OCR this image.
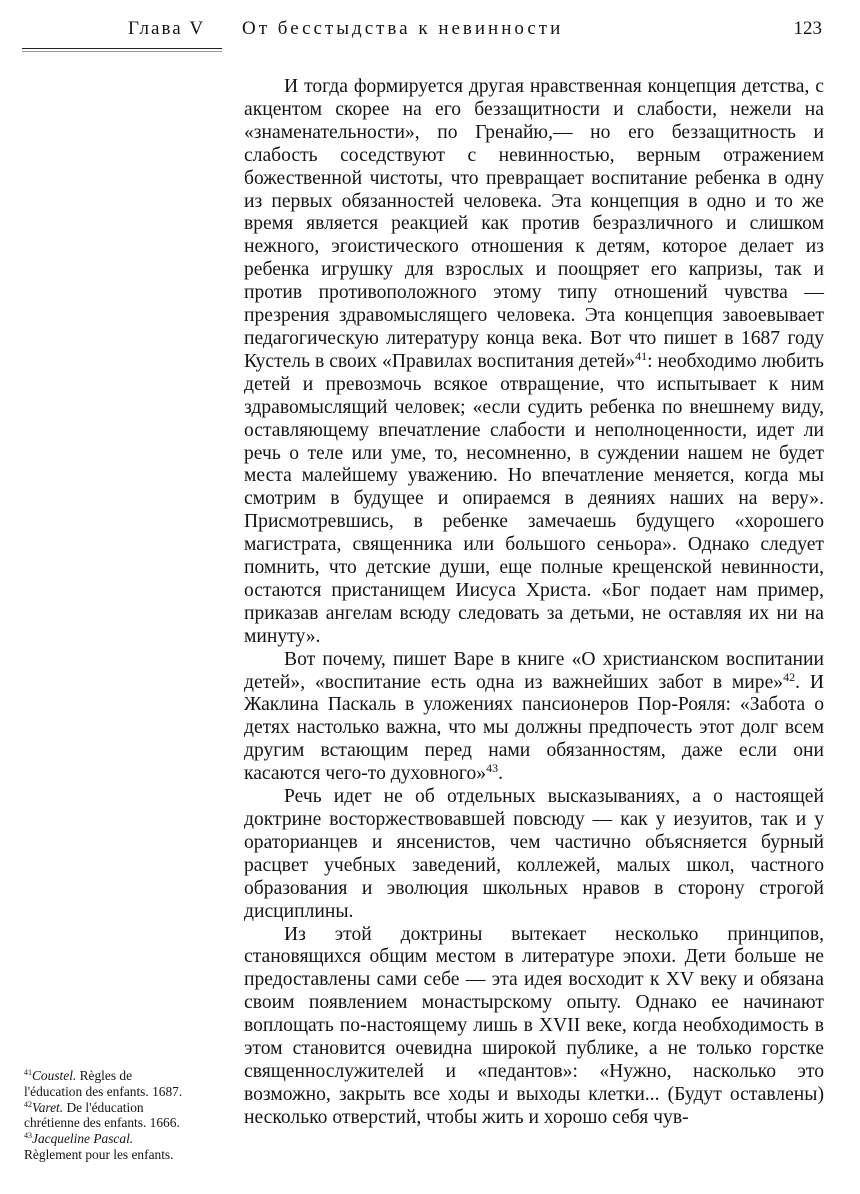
Глава V От бесстыдства к невинности	123

И тогда формируется другая нравственная концепция детства, с акцентом скорее на его беззащитности и слабости, нежели на «знаменательности», по Гренайю,— но его беззащитность и слабость соседствуют с невинностью, верным отражением божественной чистоты, что превращает воспитание ребенка в одну из первых обязанностей человека. Эта концепция в одно и то же время является реакцией как против безразличного и слишком нежного, эгоистического отношения к детям, которое делает из ребенка игрушку для взрослых и поощряет его капризы, так и против противоположного этому типу отношений чувства — презрения здравомыслящего человека. Эта концепция завоевывает педагогическую литературу конца века. Вот что пишет в 1687 году Кустель в своих «Правилах воспитания детей»$^{41}$: необходимо любить детей и превозмочь всякое отвращение, что испытывает к ним здравомыслящий человек; «если судить ребенка по внешнему виду, оставляющему впечатление слабости и неполноценности, идет ли речь о теле или уме, то, несомненно, в суждении нашем не будет места малейшему уважению. Но впечатление меняется, когда мы смотрим в будущее и опираемся в деяниях наших на веру». Присмотревшись, в ребенке замечаешь будущего «хорошего магистрата, священника или большого сеньора». Однако следует помнить, что детские души, еще полные крещенской невинности, остаются пристанищем Иисуса Христа. «Бог подает нам пример, приказав ангелам всюду следовать за детьми, не оставляя их ни на минуту».

Вот почему, пишет Варе в книге «О христианском воспитании детей», «воспитание есть одна из важнейших забот в мире»$^{42}$. И Жаклина Паскаль в уложениях пансионеров Пор-Рояля: «Забота о детях настолько важна, что мы должны предпочесть этот долг всем другим встающим перед нами обязанностям, даже если они касаются чего-то духовного»$^{43}$.

Речь идет не об отдельных высказываниях, а о настоящей доктрине восторжествовавшей повсюду — как у иезуитов, так и у ораторианцев и янсенистов, чем частично объясняется бурный расцвет учебных заведений, коллежей, малых школ, частного образования и эволюция школьных нравов в сторону строгой дисциплины.

Из этой доктрины вытекает несколько принципов, становящихся общим местом в литературе эпохи. Дети больше не предоставлены сами себе — эта идея восходит к XV веку и обязана своим появлением монастырскому опыту. Однако ее начинают воплощать по-настоящему лишь в XVII веке, когда необходимость в этом становится очевидна широкой публике, а не только горстке священнослужителей и «педантов»: «Нужно, насколько это возможно, закрыть все ходы и выходы клетки... (Будут оставлены) несколько отверстий, чтобы жить и хорошо себя чув-

$^{41}$Coustel. Règles de
l'éducation des enfants. 1687.
$^{42}$Varet. De l'éducation
chrétienne des enfants. 1666.
$^{43}$Jacqueline Pascal.
Règlement pour les enfants.
